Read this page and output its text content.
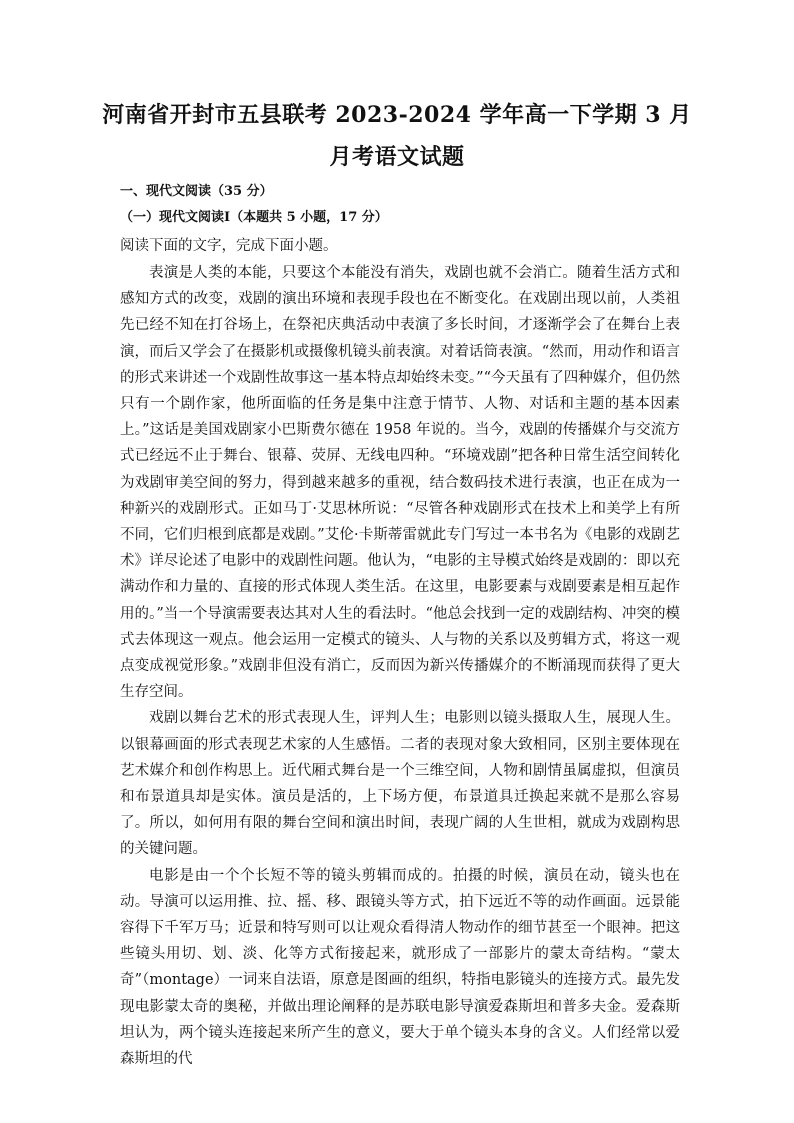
河南省开封市五县联考 2023-2024 学年高一下学期 3 月
月考语文试题
一、现代文阅读（35 分）
（一）现代文阅读Ⅰ（本题共 5 小题，17 分）
阅读下面的文字，完成下面小题。

表演是人类的本能，只要这个本能没有消失，戏剧也就不会消亡。随着生活方式和感知方式的改变，戏剧的演出环境和表现手段也在不断变化。在戏剧出现以前，人类祖先已经不知在打谷场上，在祭祀庆典活动中表演了多长时间，才逐渐学会了在舞台上表演，而后又学会了在摄影机或摄像机镜头前表演。对着话筒表演。“然而，用动作和语言的形式来讲述一个戏剧性故事这一基本特点却始终未变。”“今天虽有了四种媒介，但仍然只有一个剧作家，他所面临的任务是集中注意于情节、人物、对话和主题的基本因素上。”这话是美国戏剧家小巴斯费尔德在 1958 年说的。当今，戏剧的传播媒介与交流方式已经远不止于舞台、银幕、荧屏、无线电四种。“环境戏剧”把各种日常生活空间转化为戏剧审美空间的努力，得到越来越多的重视，结合数码技术进行表演，也正在成为一种新兴的戏剧形式。正如马丁·艾思林所说：“尽管各种戏剧形式在技术上和美学上有所不同，它们归根到底都是戏剧。”艾伦·卡斯蒂雷就此专门写过一本书名为《电影的戏剧艺术》详尽论述了电影中的戏剧性问题。他认为，“电影的主导模式始终是戏剧的：即以充满动作和力量的、直接的形式体现人类生活。在这里，电影要素与戏剧要素是相互起作用的。”当一个导演需要表达其对人生的看法时。“他总会找到一定的戏剧结构、冲突的模式去体现这一观点。他会运用一定模式的镜头、人与物的关系以及剪辑方式，将这一观点变成视觉形象。”戏剧非但没有消亡，反而因为新兴传播媒介的不断涌现而获得了更大生存空间。

戏剧以舞台艺术的形式表现人生，评判人生；电影则以镜头摄取人生，展现人生。以银幕画面的形式表现艺术家的人生感悟。二者的表现对象大致相同，区别主要体现在艺术媒介和创作构思上。近代厢式舞台是一个三维空间，人物和剧情虽属虚拟，但演员和布景道具却是实体。演员是活的，上下场方便，布景道具迁换起来就不是那么容易了。所以，如何用有限的舞台空间和演出时间，表现广阔的人生世相，就成为戏剧构思的关键问题。

电影是由一个个长短不等的镜头剪辑而成的。拍摄的时候，演员在动，镜头也在动。导演可以运用推、拉、摇、移、跟镜头等方式，拍下远近不等的动作画面。远景能容得下千军万马；近景和特写则可以让观众看得清人物动作的细节甚至一个眼神。把这些镜头用切、划、淡、化等方式衔接起来，就形成了一部影片的蒙太奇结构。“蒙太奇”（montage）一词来自法语，原意是图画的组织，特指电影镜头的连接方式。最先发现电影蒙太奇的奥秘，并做出理论阐释的是苏联电影导演爱森斯坦和普多夫金。爱森斯坦认为，两个镜头连接起来所产生的意义，要大于单个镜头本身的含义。人们经常以爱森斯坦的代
